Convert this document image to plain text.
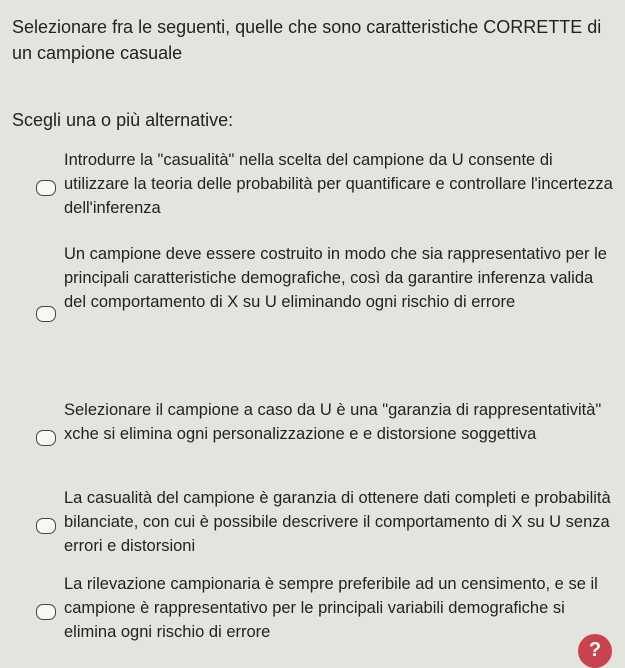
Selezionare fra le seguenti, quelle che sono caratteristiche CORRETTE di un campione casuale

Scegli una o più alternative:

Introdurre la "casualità" nella scelta del campione da U consente di utilizzare la teoria delle probabilità per quantificare e controllare l'incertezza dell'inferenza
Un campione deve essere costruito in modo che sia rappresentativo per le principali caratteristiche demografiche, così da garantire inferenza valida del comportamento di X su U eliminando ogni rischio di errore
Selezionare il campione a caso da U è una "garanzia di rappresentatività" xche si elimina ogni personalizzazione e e distorsione soggettiva
La casualità del campione è garanzia di ottenere dati completi e probabilità bilanciate, con cui è possibile descrivere il comportamento di X su U senza errori e distorsioni
La rilevazione campionaria è sempre preferibile ad un censimento, e se il campione è rappresentativo per le principali variabili demografiche si elimina ogni rischio di errore
?
